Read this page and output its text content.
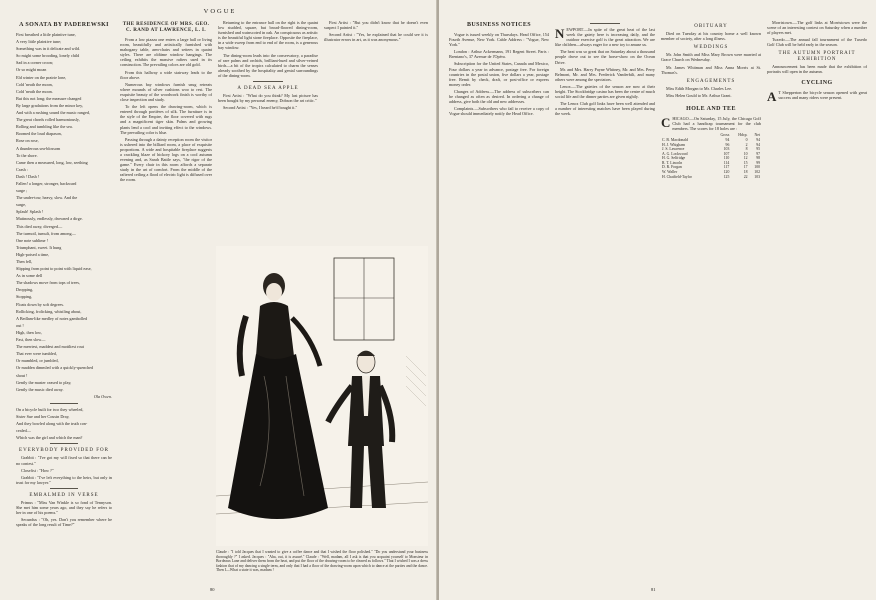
VOGUE
A SONATA BY PADEREWSKI

First breathed a little plaintive tune,

A very little plaintive tune;

Something was in it delicate and wild.

So might some brooding, lonely child

Sad in a corner croon;

Or so might moan

Eld winter on the prairie lone,

Cold 'neath the moon,

Cold 'neath the moon.

But this not long; the measure changed

By large gradations from the minor key,

And with a rushing sound the music ranged,

The great chords rolled harmoniously,

Rolling and tumbling like the sea.

Boomed the loud diapason,

Rose on rose,

A thunderous sea-blossom

To the shore.

Came then a measured, long, low, seething

Crash :

Dash ! Dash !

Fallen! a longer, stronger, backward

surge ;

The under-tow, heavy, slow. And the

surge,

Splash! Splash !

Mutinously, endlessly, drowned a dirge.

This died away, diverged—

The turmoil, tumult, from among—

One note sublime !

Triumphant, sweet. It hung

High-poised a time,

Then fell,

Slipping from point to point with liquid ease,

As in some dell

The shadows move from tops of trees,

Dropping,

Stopping,

Floats down by soft degrees.

Rollicking, frolicking, whistling about,

A Bedlam-like medley of notes gambolled

out !

High, then low,

Fast, then slow—

The merriest, maddest and mottliest rout

That ever were tumbled,

Or mumbled, or jumbled,

Or madden dimmled with a quickly-quenched

shout !

Gently the master ceased to play,

Gently the music died away.

Ola Owen.

On a bicycle built for two they wheeled,

Sister Sue and her Cousin Dray,

And they bowled along with the truth con-

cealed—

Which was the girl and which the man?

EVERYBODY PROVIDED FOR

Grabbit : "I've got my will fixed so that there can be no contest."

Closefist : "How ?"

Grabbit : "I've left everything to the heirs, but only in trust for my lawyer."

EMBALMED IN VERSE

Primus : "Miss Van Winkle is so fond of Tennyson. She met him some years ago, and they say he refers to her in one of his poems."

Secundus : "Oh, yes. Don't you remember where he speaks of the long result of Time?"

THE RESIDENCE OF MRS. GEO. C. RAND AT LAWRENCE, L. I.

From a low piazza one enters a large hall or living room, beautifully and artistically furnished with mahogany table, arm-chairs and settees in quaint styles. There are oldtime window hangings. The ceiling exhibits the massive rafters used in its construction. The prevailing colors are old gold.

From this hallway a wide stairway leads to the floor above.

Numerous bay windows furnish snug retreats where mounds of silver cushions woo to rest. The exquisite beauty of the woodwork finish is worthy of close inspection and study.

To the left opens the drawing-room, which is entered through portières of silk. The furniture is in the style of the Empire, the floor covered with rugs and a magnificent tiger skin. Palms and growing plants lend a cool and inviting effect to the windows. The prevailing color is blue.

Passing through a dainty reception room the visitor is ushered into the billiard room, a place of exquisite proportions. A wide and hospitable fireplace suggests a crackling blaze of hickory logs on a cool autumn evening and, as Sarah Battle says, "the rigor of the game." Every chair in this room affords a separate study in the art of comfort. From the middle of the raftered ceiling a flood of electric light is diffused over the room.

Returning to the entrance hall on the right is the quaint low studded, square, but broad-floored dining-room, furnished and wainscoted in oak. An conspicuous as artistic is the beautiful light stone fireplace. Opposite the fireplace, in a wide sweep from end to end of the room, is a generous bay window.

The dining-room leads into the conservatory, a paradise of rare palms and orchids, brilliant-hued and silver-veined birds—a bit of the tropics calculated to charm the senses already soothed by the hospitality and genial surroundings of the dining-room.

A DEAD SEA APPLE

First Artist : "What do you think? My last picture has been bought by my personal enemy, Dobson the art critic."

Second Artist : "Yes, I heard he'd bought it."

First Artist : "But you didn't know that he doesn't even suspect I painted it."

Second Artist : "Yes, he explained that he could see it is illustrator errors in art, as it was anonymous."

Claude : "I told Jacques that I wanted to give a coffee dance and that I wished the floor polished." "Do you understand your business thoroughly ?" I asked. Jacques : "Aha, oui, it is assuré." Claude : "Well, madam, all I ask is that you acquaint yourself to Monsieur in Bordeaux Lane and deliver them from the heat, and put the floor of the drawing-room to be cleared as follows." That I wished I was a dress fashion that of my dancing a single term, and only that I had a floor of the drawing-room upon which to dance at the parties and the dance. Then I—What a state it was, madam !
80
BUSINESS NOTICES

Vogue is issued weekly on Thursdays. Head Office, 154 Fourth Avenue, New York. Cable Address : "Vogue, New York."

London : Arthur Ackermann, 191 Regent Street. Paris : Brentano's, 37 Avenue de l'Opéra.

Subscription for the United States, Canada and Mexico, Four dollars a year in advance, postage free. For foreign countries in the postal union, five dollars a year, postage free. Remit by check, draft, or post-office or express money order.

Changes of Address.—The address of subscribers can be changed as often as desired. In ordering a change of address, give both the old and new addresses.

Complaints.—Subscribers who fail to receive a copy of Vogue should immediately notify the Head Office.

NEWPORT.—In spite of the great heat of the last week the gaiety here is increasing daily, and the outdoor exercise golf is the great attraction. We are like children—always eager for a new toy to amuse us.

The heat was so great that on Saturday about a thousand people drove out to see the horse-show on the Ocean Drive.

Mr. and Mrs. Harry Payne Whitney, Mr. and Mrs. Perry Belmont, Mr. and Mrs. Frederick Vanderbilt, and many others were among the spectators.

Lenox.—The gaieties of the season are now at their height. The Stockbridge casino has been the centre of much social life and the dinner parties are given nightly.

The Lenox Club golf links have been well attended and a number of interesting matches have been played during the week.

OBITUARY

Died on Tuesday at his country home a well known member of society, after a long illness.

WEDDINGS

Mr. John Smith and Miss Mary Brown were married at Grace Church on Wednesday.

Mr. James Whitman and Miss Anna Morris at St. Thomas's.

ENGAGEMENTS

Miss Edith Morgan to Mr. Charles Lee.

Miss Helen Gould to Mr. Arthur Grant.

HOLE AND TEE

CHICAGO.—On Saturday, 15 July, the Chicago Golf Club had a handicap tournament for the club members. The scores for 18 holes are :

	Gross	Hdcp.	Net
C. B. Macdonald	94	0	94
H. J. Whigham	96	2	94
J. S. Lawrence	103	8	95
A. G. Lockwood	107	10	97
H. G. Selfridge	110	12	98
R. T. Lincoln	114	15	99
D. R. Forgan	117	17	100
W. Waller	120	18	102
H. Chatfield-Taylor	125	22	103

Morristown.—The golf links at Morristown were the scene of an interesting contest on Saturday when a number of players met.

Tuxedo.—The annual fall tournament of the Tuxedo Golf Club will be held early in the season.

THE AUTUMN PORTRAIT EXHIBITION

Announcement has been made that the exhibition of portraits will open in the autumn.

CYCLING

A T Shepperton the bicycle season opened with great success and many riders were present.

81
